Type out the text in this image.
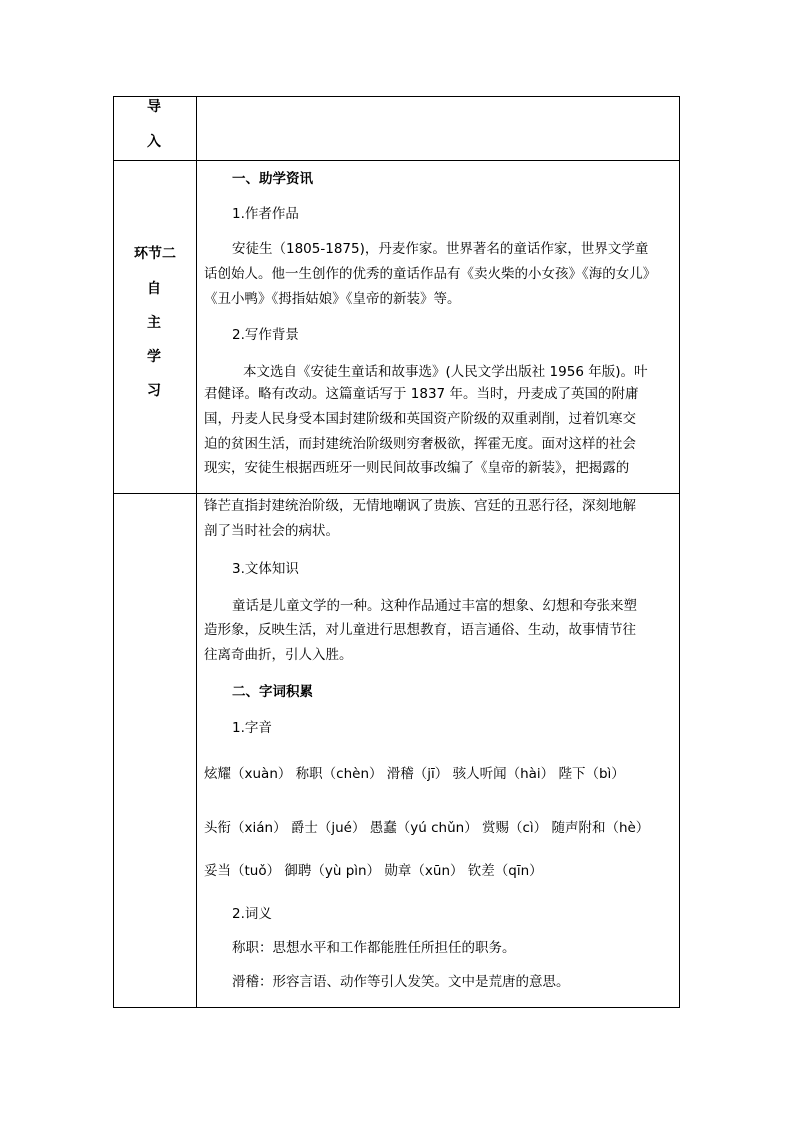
导
入
环节二
自
主
学
习
一、助学资讯
1.作者作品
安徒生（1805-1875)，丹麦作家。世界著名的童话作家，世界文学童
话创始人。他一生创作的优秀的童话作品有《卖火柴的小女孩》《海的女儿》
《丑小鸭》《拇指姑娘》《皇帝的新装》等。
2.写作背景
本文选自《安徒生童话和故事选》(人民文学出版社 1956 年版)。叶
君健译。略有改动。这篇童话写于 1837 年。当时，丹麦成了英国的附庸
国，丹麦人民身受本国封建阶级和英国资产阶级的双重剥削，过着饥寒交
迫的贫困生活，而封建统治阶级则穷奢极欲，挥霍无度。面对这样的社会
现实，安徒生根据西班牙一则民间故事改编了《皇帝的新装》，把揭露的
锋芒直指封建统治阶级，无情地嘲讽了贵族、宫廷的丑恶行径，深刻地解
剖了当时社会的病状。
3.文体知识
童话是儿童文学的一种。这种作品通过丰富的想象、幻想和夸张来塑
造形象，反映生活，对儿童进行思想教育，语言通俗、生动，故事情节往
往离奇曲折，引人入胜。
二、字词积累
1.字音
炫耀（xuàn） 称职（chèn） 滑稽（jī） 骇人听闻（hài） 陛下（bì）
头衔（xián） 爵士（jué） 愚蠢（yú chǔn） 赏赐（cì） 随声附和（hè）
妥当（tuǒ） 御聘（yù pìn） 勋章（xūn） 钦差（qīn）
2.词义
称职：思想水平和工作都能胜任所担任的职务。
滑稽：形容言语、动作等引人发笑。文中是荒唐的意思。
